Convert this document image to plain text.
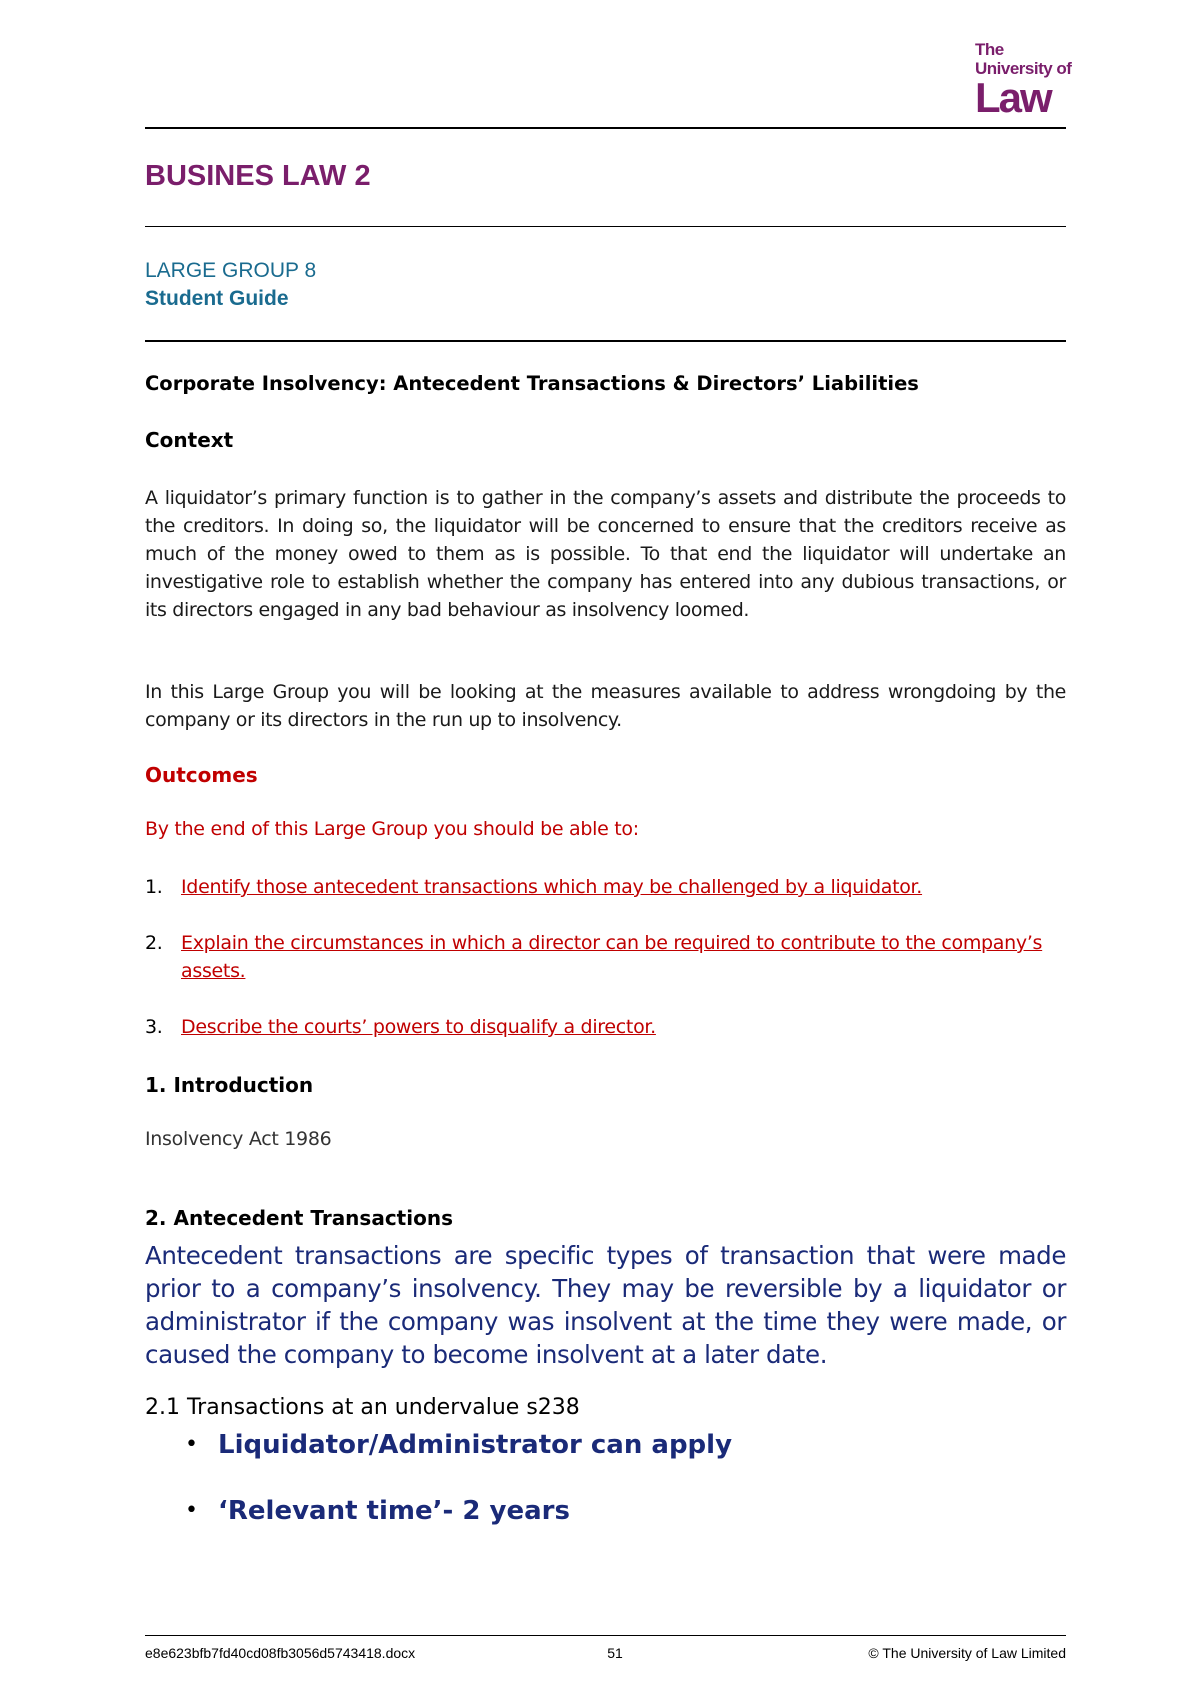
The
University of
Law
BUSINES LAW 2
LARGE GROUP 8
Student Guide
Corporate Insolvency: Antecedent Transactions & Directors’ Liabilities
Context
A liquidator’s primary function is to gather in the company’s assets and distribute the proceeds to the creditors. In doing so, the liquidator will be concerned to ensure that the creditors receive as much of the money owed to them as is possible. To that end the liquidator will undertake an investigative role to establish whether the company has entered into any dubious transactions, or its directors engaged in any bad behaviour as insolvency loomed.
In this Large Group you will be looking at the measures available to address wrongdoing by the company or its directors in the run up to insolvency.
Outcomes
By the end of this Large Group you should be able to:
1. Identify those antecedent transactions which may be challenged by a liquidator.
2. Explain the circumstances in which a director can be required to contribute to the company’s assets.
3. Describe the courts’ powers to disqualify a director.
1. Introduction
Insolvency Act 1986
2. Antecedent Transactions
Antecedent transactions are specific types of transaction that were made prior to a company’s insolvency. They may be reversible by a liquidator or administrator if the company was insolvent at the time they were made, or caused the company to become insolvent at a later date.
2.1 Transactions at an undervalue s238
• Liquidator/Administrator can apply
• ‘Relevant time’- 2 years
e8e623bfb7fd40cd08fb3056d5743418.docx	51	© The University of Law Limited
